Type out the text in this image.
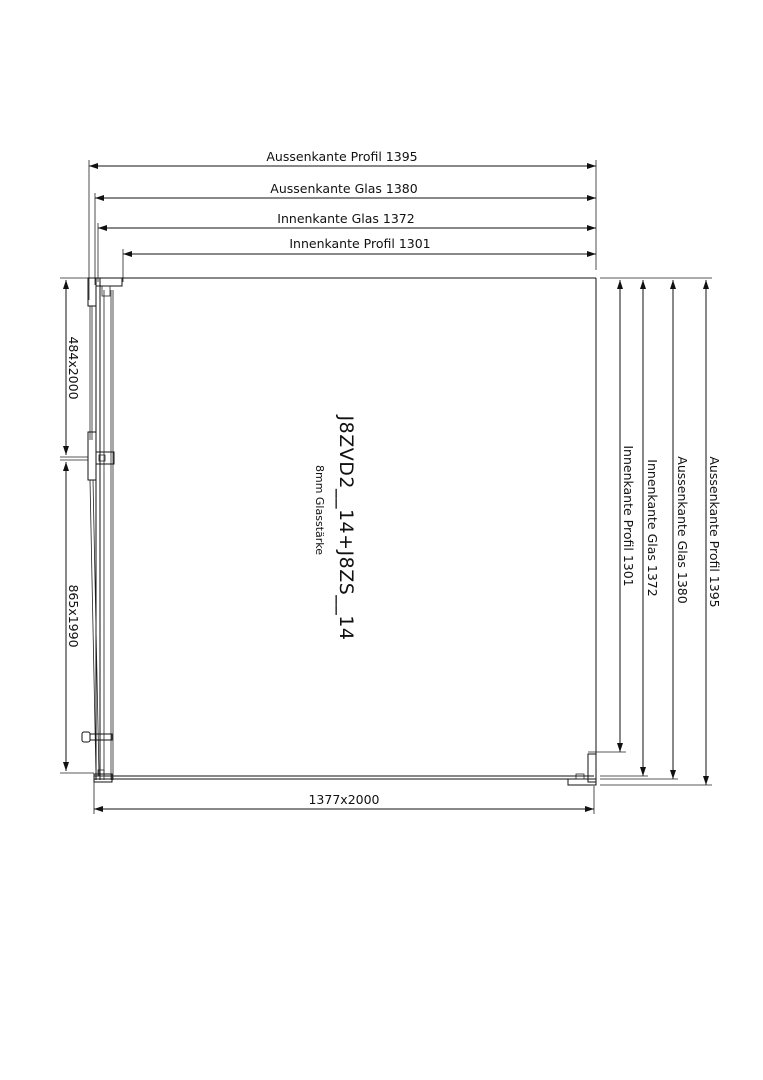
Aussenkante Profil 1395
Aussenkante Glas 1380
Innenkante Glas 1372
Innenkante Profil 1301
Innenkante Profil 1301 Innenkante Glas 1372 Aussenkante Glas 1380 Aussenkante Profil 1395
484x2000
865x1990
1377x2000
J8ZVD2__14+J8ZS__14
8mm Glasstärke
